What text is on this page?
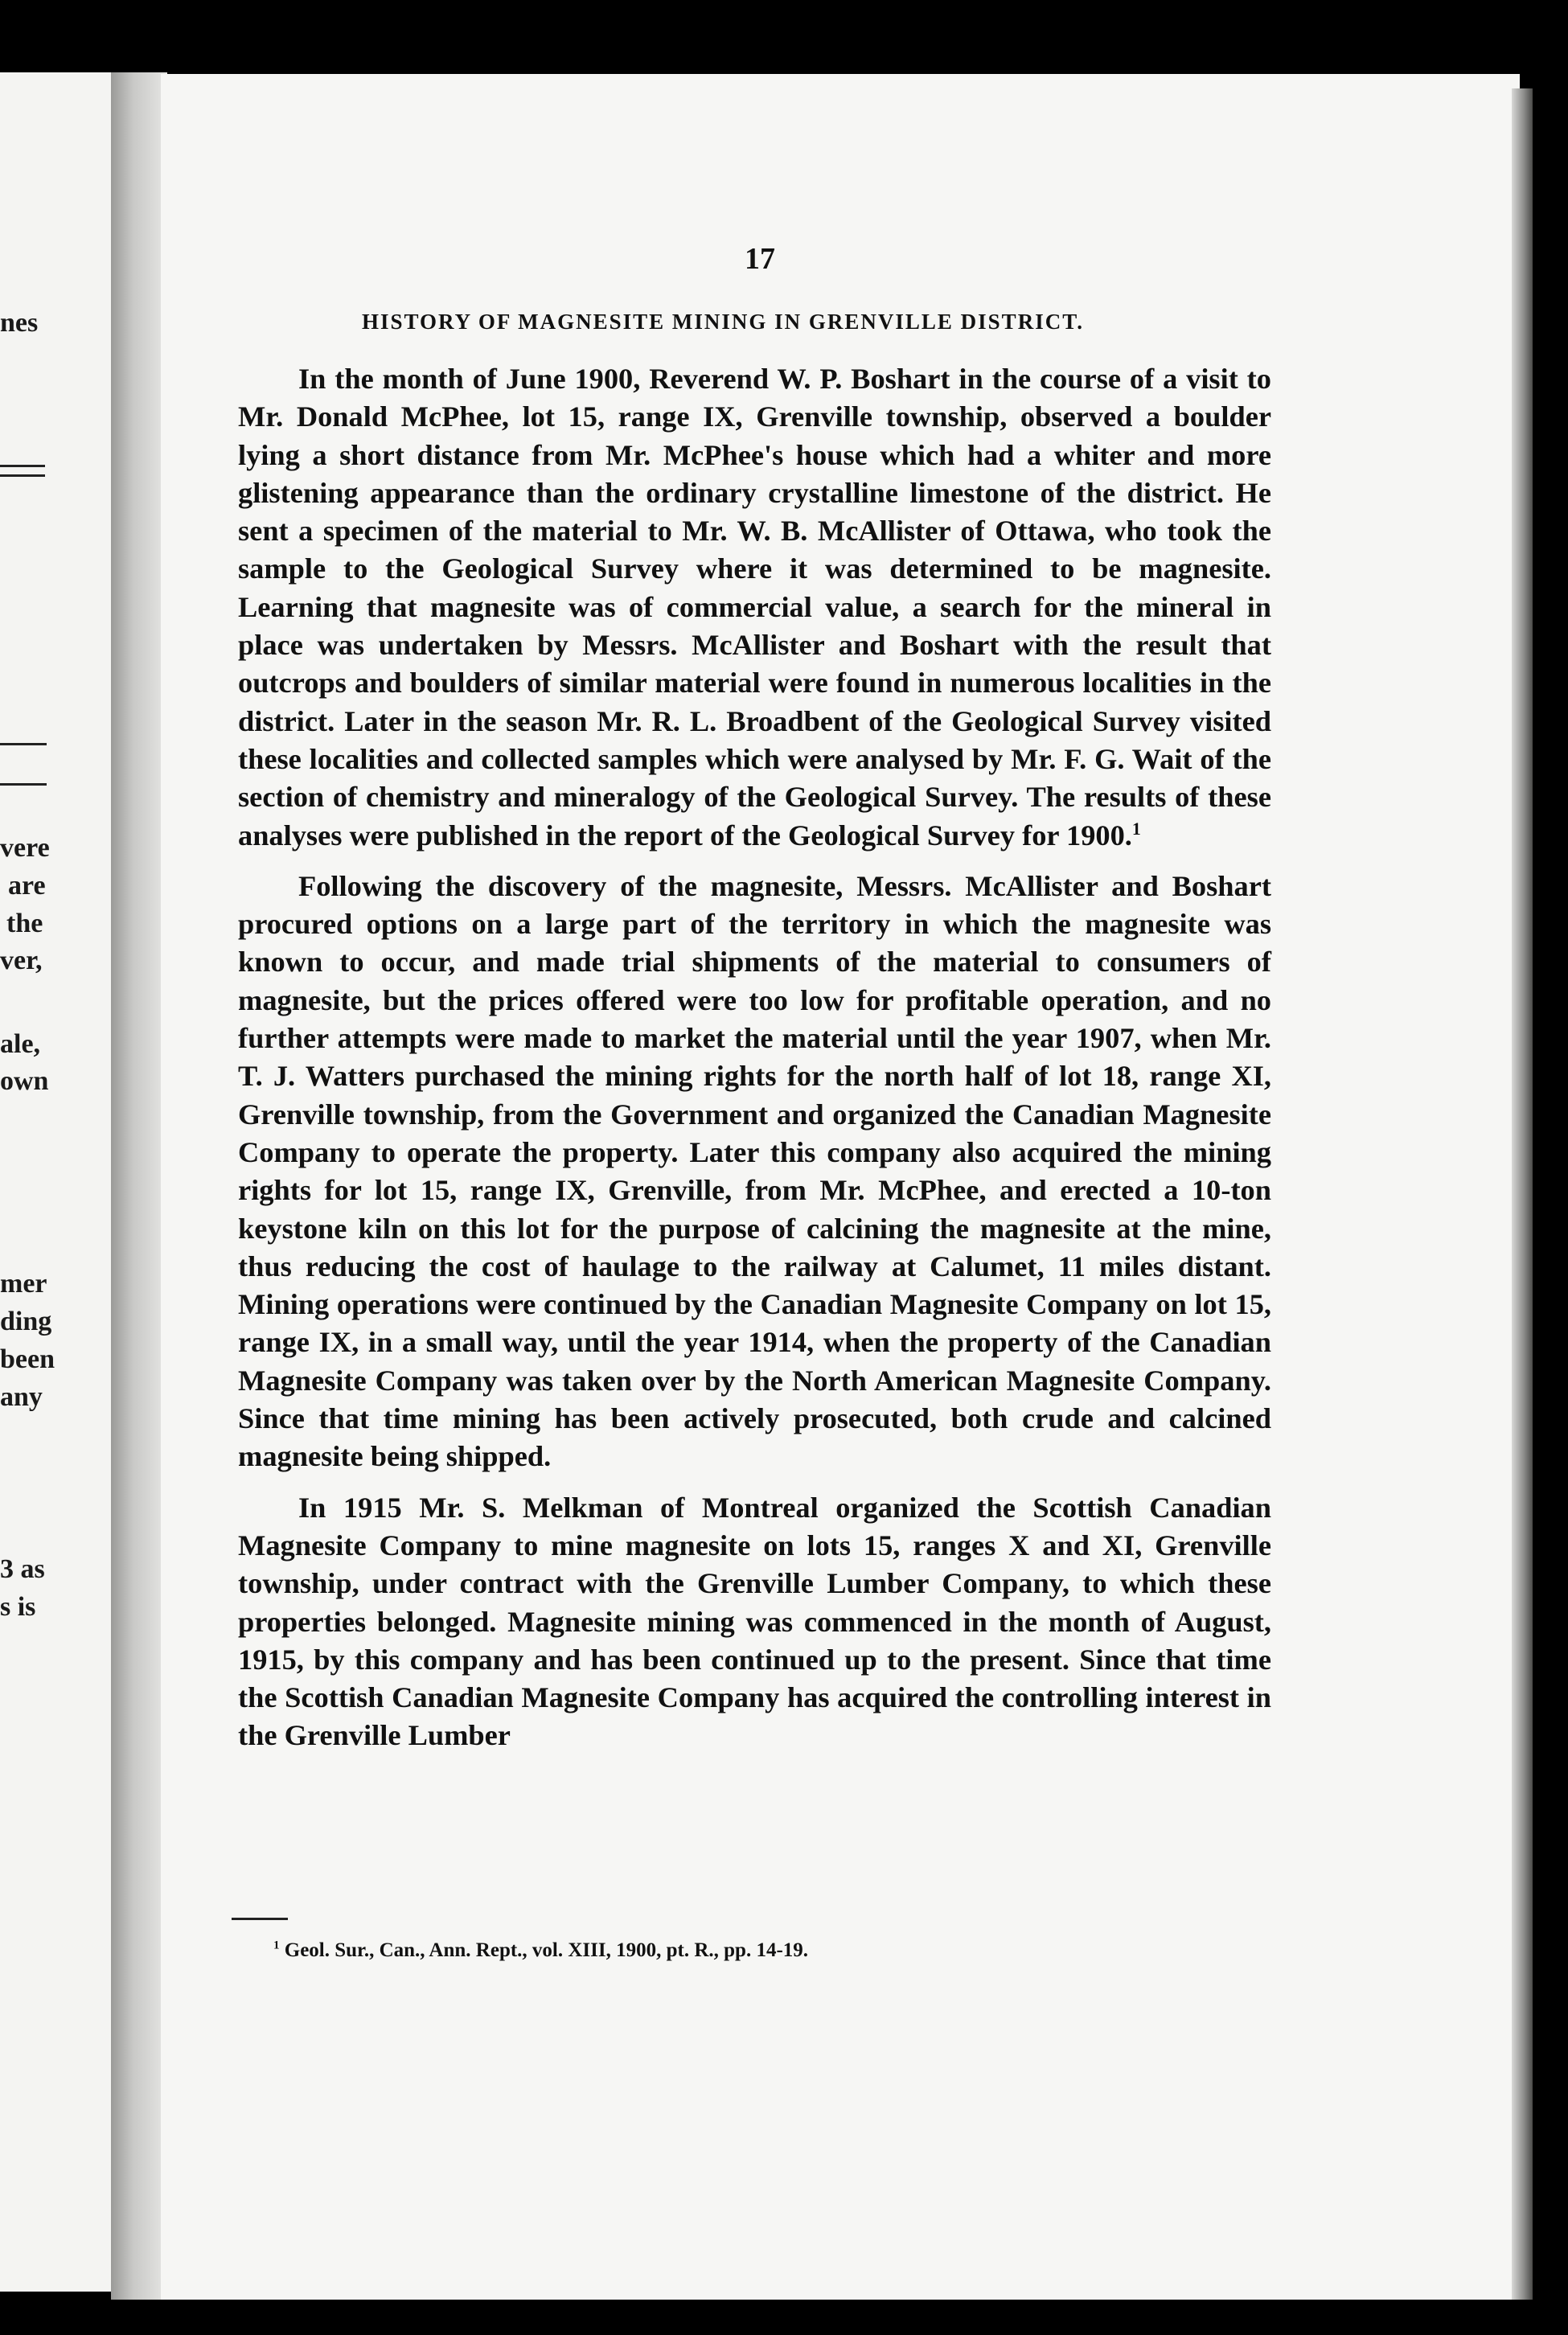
nes
vere
are
the
ver,
ale,
own
mer
ding
been
any
3 as
s is
17
HISTORY OF MAGNESITE MINING IN GRENVILLE DISTRICT.

In the month of June 1900, Reverend W. P. Boshart in the course of a visit to Mr. Donald McPhee, lot 15, range IX, Grenville township, observed a boulder lying a short distance from Mr. McPhee's house which had a whiter and more glistening appearance than the ordinary crystalline limestone of the district. He sent a specimen of the material to Mr. W. B. McAllister of Ottawa, who took the sample to the Geological Survey where it was determined to be magnesite. Learning that magnesite was of commercial value, a search for the mineral in place was undertaken by Messrs. McAllister and Boshart with the result that outcrops and boulders of similar material were found in numerous localities in the district. Later in the season Mr. R. L. Broadbent of the Geological Survey visited these localities and collected samples which were analysed by Mr. F. G. Wait of the section of chemistry and mineralogy of the Geological Survey. The results of these analyses were published in the report of the Geological Survey for 1900.$^1$

Following the discovery of the magnesite, Messrs. McAllister and Boshart procured options on a large part of the territory in which the magnesite was known to occur, and made trial shipments of the material to consumers of magnesite, but the prices offered were too low for profitable operation, and no further attempts were made to market the material until the year 1907, when Mr. T. J. Watters purchased the mining rights for the north half of lot 18, range XI, Grenville township, from the Government and organized the Canadian Magnesite Company to operate the property. Later this company also acquired the mining rights for lot 15, range IX, Grenville, from Mr. McPhee, and erected a 10-ton keystone kiln on this lot for the purpose of calcining the magnesite at the mine, thus reducing the cost of haulage to the railway at Calumet, 11 miles distant. Mining operations were continued by the Canadian Magnesite Company on lot 15, range IX, in a small way, until the year 1914, when the property of the Canadian Magnesite Company was taken over by the North American Magnesite Company. Since that time mining has been actively prosecuted, both crude and calcined magnesite being shipped.

In 1915 Mr. S. Melkman of Montreal organized the Scottish Canadian Magnesite Company to mine magnesite on lots 15, ranges X and XI, Grenville township, under contract with the Grenville Lumber Company, to which these properties belonged. Magnesite mining was commenced in the month of August, 1915, by this company and has been continued up to the present. Since that time the Scottish Canadian Magnesite Company has acquired the controlling interest in the Grenville Lumber

$^1$ Geol. Sur., Can., Ann. Rept., vol. XIII, 1900, pt. R., pp. 14-19.
